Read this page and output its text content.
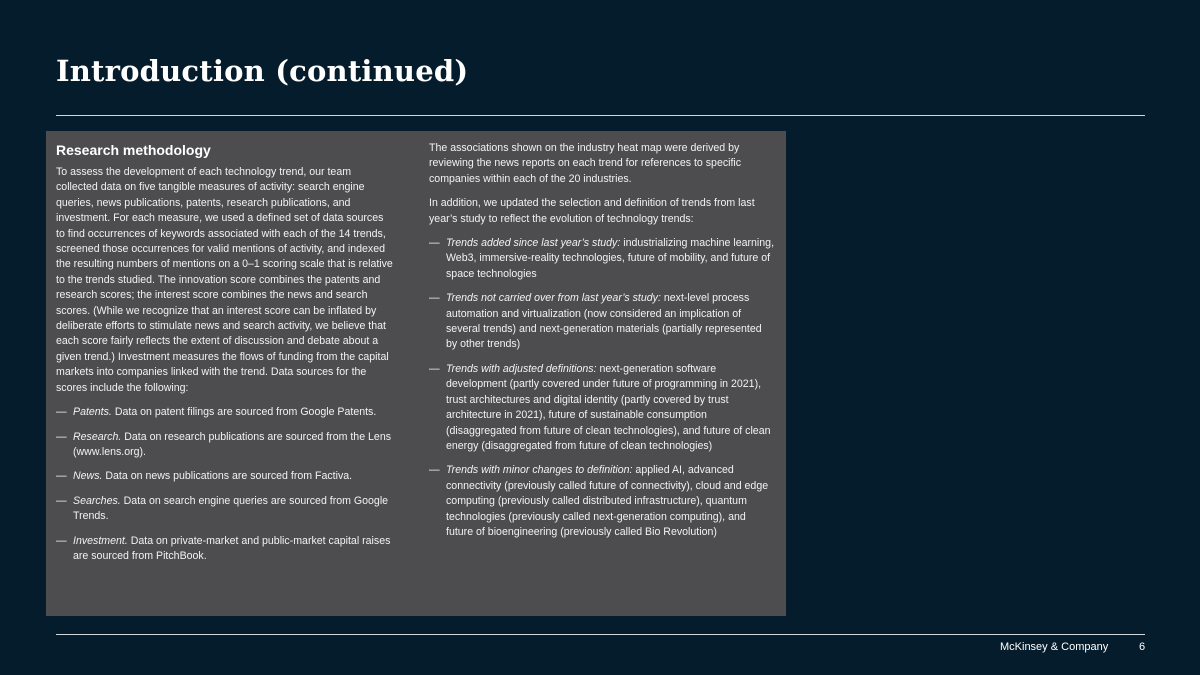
Introduction (continued)
Research methodology

To assess the development of each technology trend, our team collected data on five tangible measures of activity: search engine queries, news publications, patents, research publications, and investment. For each measure, we used a defined set of data sources to find occurrences of keywords associated with each of the 14 trends, screened those occurrences for valid mentions of activity, and indexed the resulting numbers of mentions on a 0–1 scoring scale that is relative to the trends studied. The innovation score combines the patents and research scores; the interest score combines the news and search scores. (While we recognize that an interest score can be inflated by deliberate efforts to stimulate news and search activity, we believe that each score fairly reflects the extent of discussion and debate about a given trend.) Investment measures the flows of funding from the capital markets into companies linked with the trend. Data sources for the scores include the following:

— Patents. Data on patent filings are sourced from Google Patents.
— Research. Data on research publications are sourced from the Lens (www.lens.org).
— News. Data on news publications are sourced from Factiva.
— Searches. Data on search engine queries are sourced from Google Trends.
— Investment. Data on private-market and public-market capital raises are sourced from PitchBook.

The associations shown on the industry heat map were derived by reviewing the news reports on each trend for references to specific companies within each of the 20 industries.

In addition, we updated the selection and definition of trends from last year’s study to reflect the evolution of technology trends:

— Trends added since last year’s study: industrializing machine learning, Web3, immersive-reality technologies, future of mobility, and future of space technologies
— Trends not carried over from last year’s study: next-level process automation and virtualization (now considered an implication of several trends) and next-generation materials (partially represented by other trends)
— Trends with adjusted definitions: next-generation software development (partly covered under future of programming in 2021), trust architectures and digital identity (partly covered by trust architecture in 2021), future of sustainable consumption (disaggregated from future of clean technologies), and future of clean energy (disaggregated from future of clean technologies)
— Trends with minor changes to definition: applied AI, advanced connectivity (previously called future of connectivity), cloud and edge computing (previously called distributed infrastructure), quantum technologies (previously called next-generation computing), and future of bioengineering (previously called Bio Revolution)
McKinsey & Company	6
